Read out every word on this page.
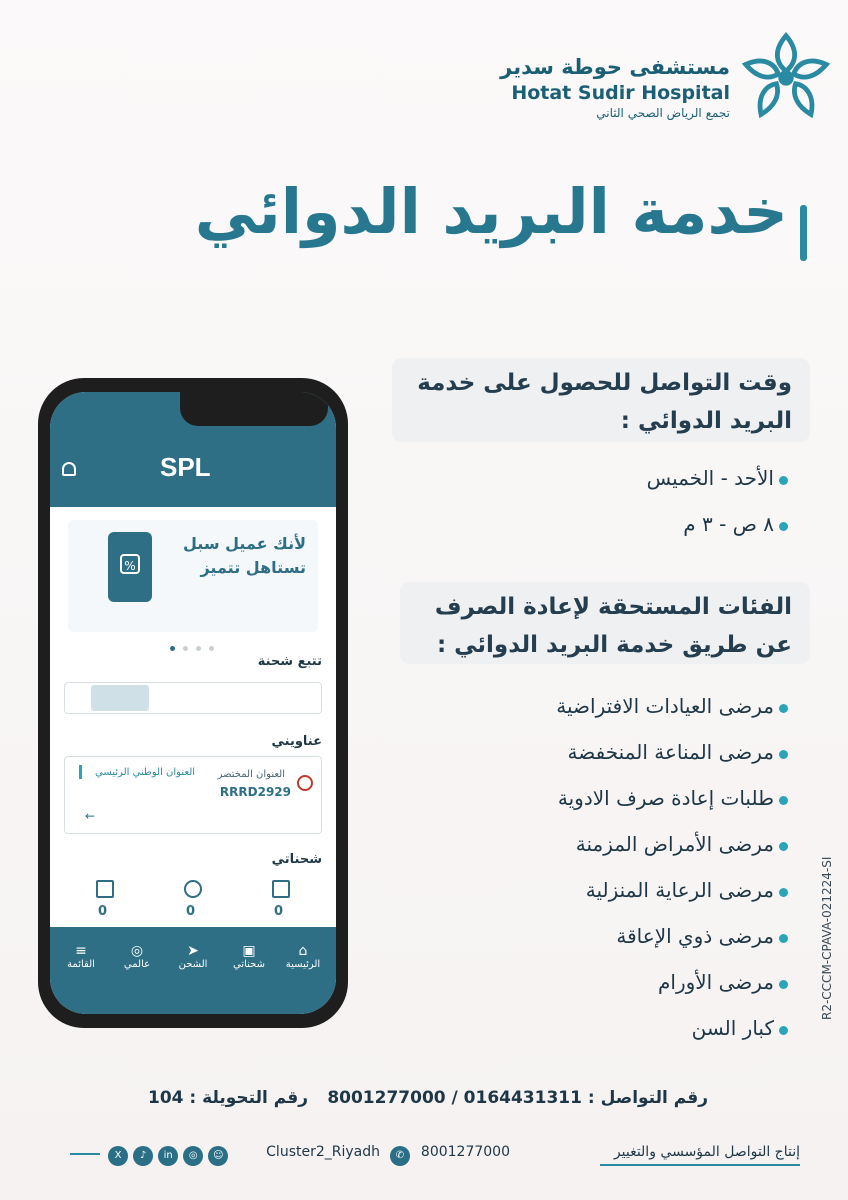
مستشفى حوطة سدير
Hotat Sudir Hospital
تجمع الرياض الصحي الثاني
خدمة البريد الدوائي
وقت التواصل للحصول على خدمة البريد الدوائي :
الأحد - الخميس
٨ ص - ٣ م
الفئات المستحقة لإعادة الصرف عن طريق خدمة البريد الدوائي :
مرضى العيادات الافتراضية
مرضى المناعة المنخفضة
طلبات إعادة صرف الادوية
مرضى الأمراض المزمنة
مرضى الرعاية المنزلية
مرضى ذوي الإعاقة
مرضى الأورام
كبار السن
SPL
لأنك عميل سبل
تستاهل تتميز
%

تتبع شحنة
عناويني
العنوان الوطني الرئيسي العنوان المختصر
RRRD2929
←
شحناتي
0	0	0
⌂
الرئيسية
▣
شحناتي
➤
الشحن
◎
عالمي
≡
القائمة
رقم التواصل : 0164431311 / 8001277000
رقم التحويلة : 104
إنتاج التواصل المؤسسي والتغيير
8001277000
✆
Cluster2_Riyadh
X ♪ in ◎ ☺
R2-CCCM-CPAVA-021224-SI
